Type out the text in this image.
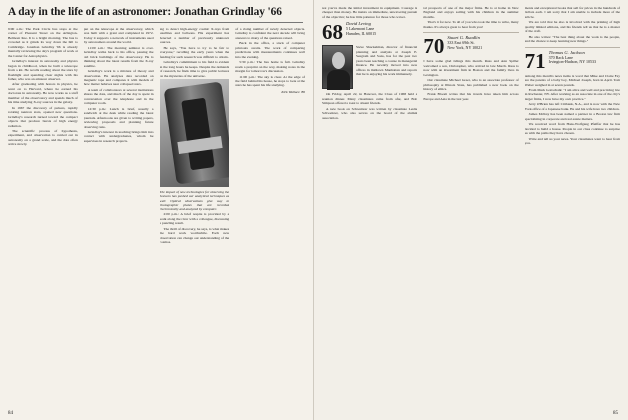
A day in the life of an astronomer: Jonathan Grindlay '66

9:00 a.m.: The Park Circle bus stops at the corner of Pleasant Street on the Arlington-Belmont line. It is a bright morning. The bus is crowded as it grinds its way down the hill to Cambridge. Jonathan Grindlay '66 is already mentally reviewing the day's program of work at the Center for Astrophysics.

Grindlay's interest in astronomy and physics began in childhood, when he built a telescope from a kit. He recalls reading about the stars by flashlight and spending clear nights with his father, who was an amateur observer.

After graduating with honors in physics, he went on to Harvard, where he earned his doctorate in astronomy. He now works as a staff member of the observatory and spends much of his time studying X-ray sources in the galaxy.

In 1967 the discovery of pulsars, rapidly rotating neutron stars, opened new questions. Grindlay's research turned toward the compact objects that produce bursts of high energy radiation.

The scientific process of hypothesis, experiment, and observation is carried out in astronomy on a grand scale, and the data often arrive slowly.

put on the telescope at the observatory, which was built with a grant and completed in 1972. Today it supports a network of instruments used by astronomers around the world.

11:00 a.m.: The morning seminar is over. Grindlay walks back to his office, passing the old brick buildings of the observatory. He is thinking about the latest results from the X-ray satellite.

Grindlay's work is a mixture of theory and observation. He analyzes data recorded on magnetic tape and compares it with models of how matter behaves near collapsed stars.

A team of collaborators at several institutions shares the data, and much of the day is spent in conversation over the telephone and in the computer room.

12:30 p.m.: Lunch is brief, usually a sandwich at the desk while reading the latest journals. Afternoons are given to writing papers, reviewing proposals and planning future observing runs.

Grindlay's interest in teaching brings him into contact with undergraduates, whom he supervises in research projects.

ing to detect high-energy cosmic X-rays from satellites and balloons. His experiment has detected a number of previously unknown sources.

He says, "You have to try to be fair to everyone," recalling the early years when the funding for such research was difficult to obtain.

Grindlay's commitment to his field is evident in the long hours he keeps. Despite the demands of research, he finds time to give public lectures on the mysteries of the universe.

The impact of new technologies for observing the heavens has pushed our analytical techniques as well. Optical observations give way to photographic plates that are recorded electronically and analyzed by computer.

2:00 p.m.: A brief respite is provided by a walk along the river with a colleague, discussing a puzzling result.

The thrill of discovery, he says, is what makes the hard work worthwhile. Each new observation can change our understanding of the cosmos.

of a rising number of newly detected objects. Grindlay is confident the next decade will bring answers to many of the questions raised.

Back in the office, a stack of computer printouts awaits. The work of comparing predictions with measurements continues well into the evening.

5:30 p.m.: The bus home is full. Grindlay reads a preprint on the way, making notes in the margin for tomorrow's discussion.

11:00 p.m.: The sky is clear. At the edge of the field behind his house, he stops to look at the stars he has spent his life studying.

Kirk Wallace '86

84

not you've made the initial investment in equipment. Courage is cheaper than money. He insists on immediate, unwavering pursuit of the objective; he has little patience for those who waver.

68 David Leving
5 Lakemont Lane
Hamden, IL 60015

Steve Shackelman, director of financial planning and analysis at Joseph E. Seagram and Sons, has for the past two years been teaching a course in managerial finance. He recently moved into new offices in midtown Manhattan and reports that he is enjoying his work immensely.

On Friday, April 22, in Hanover, the Class of 1968 held a reunion dinner. Many classmates came from afar, and Bob Simpson offered a toast to absent friends.

A new book on Schweitzer was written by classmate Leslie Schweitzer, who also serves on the board of the alumni association.

tal prospects of one of the major firms. He is at home in New England and enjoys sailing with his children in the summer months.

That's it for now. To all of you who took the time to write, many thanks. It's always great to hear from you!

70 Stuart G. Ruadlin
333 East 69th St.
New York, NY 10021

I have some glad tidings this month. Russ and Ann Spiller welcomed a son, Christopher, who arrived in late March. Russ is now with an investment firm in Boston and the family lives in Lexington.

Our classmate Michael Greer, who is an associate professor of philosophy at Illinois State, has published a new book on the history of ethics.

Frank Bloom writes that his travels have taken him across Europe and Asia in the last year.

ments and exceptional books that sell for prices in the hundreds of dollars each. I am sorry that I am unable to include more of the article.

We are told that he also is involved with the printing of high quality limited editions, and his friends tell us that he is a master of the craft.

He also writes: "The best thing about the work is the people, and the chance to keep learning new things."

71 Thomas G. Jackson
370 Back Lane
Irvington-Hudson, NY 10533

Among this month's news items is word that Mike and Claire Fay are the parents of a baby boy, Michael Joseph, born in April. Tom Weber weighed in at seven pounds.

From Mark Gottschalk: "I am alive and well and practicing law in Rochester, NY. After working as an associate in one of the city's larger firms, I now have my own practice."

Jerry O'Brien has left Citibank, N.A., and is now with the New York office of a Japanese bank. He and his wife have two children.

James McKay has been named a partner in a Boston law firm specializing in corporate and real estate matters.

We received word from Hans-Wolfgang Pfeiffer that he has decided to build a house. People in our class continue to surprise us with the paths they have chosen.

Write and tell us your news. Your classmates want to hear from you.

85
